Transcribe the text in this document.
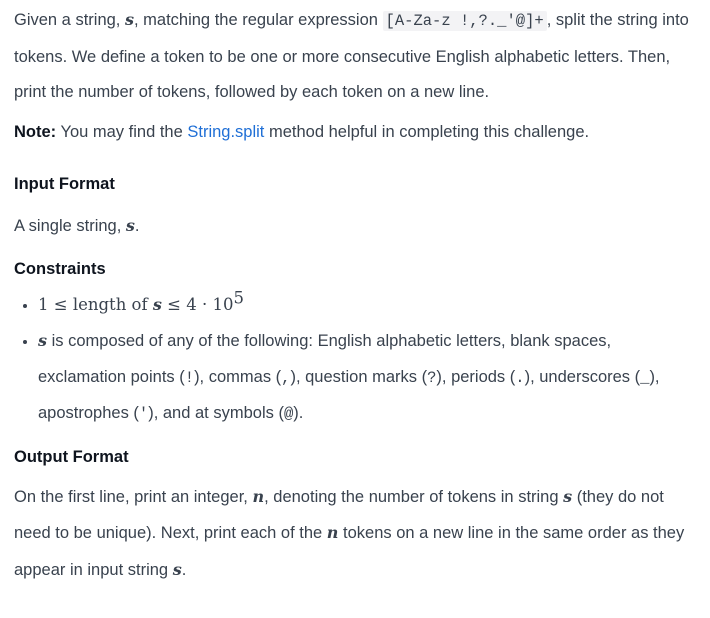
Given a string, s, matching the regular expression [A-Za-z !,?._'@]+ , split the string into tokens. We define a token to be one or more consecutive English alphabetic letters. Then, print the number of tokens, followed by each token on a new line.

Note: You may find the String.split method helpful in completing this challenge.

Input Format

A single string, s.

Constraints
• 1 ≤ length of $s \le 4 \cdot 10^5$
• s is composed of any of the following: English alphabetic letters, blank spaces, exclamation points (!), commas (,), question marks (?), periods (.), underscores (_), apostrophes ('), and at symbols (@).
Output Format

On the first line, print an integer, n, denoting the number of tokens in string s (they do not need to be unique). Next, print each of the n tokens on a new line in the same order as they appear in input string s.
